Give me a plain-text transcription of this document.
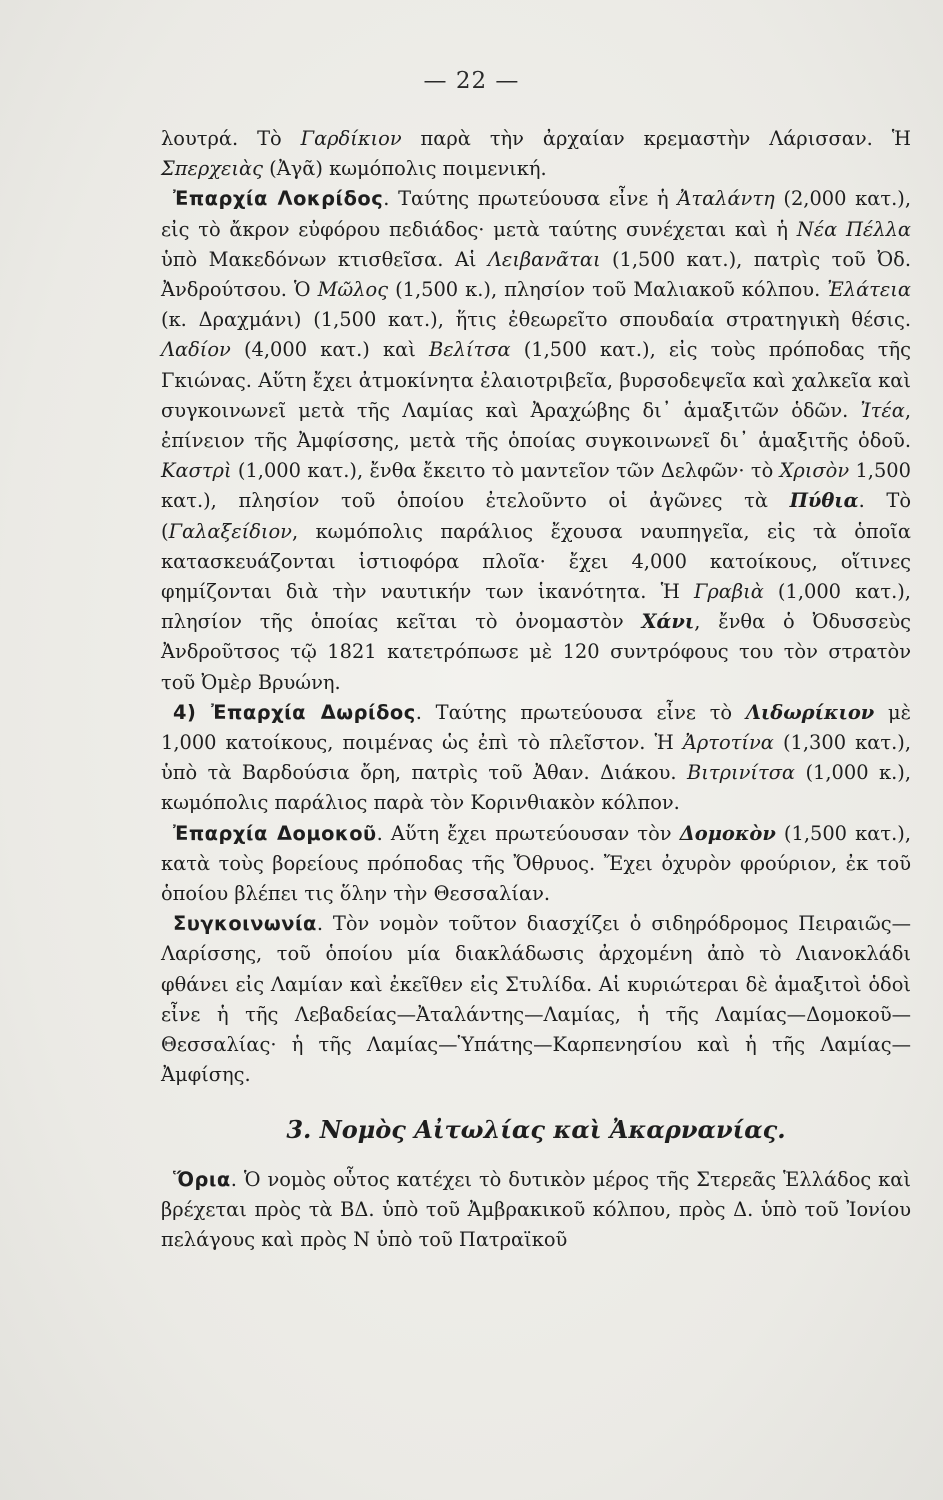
— 22 —

λουτρά. Τὸ Γαρδίκιον παρὰ τὴν ἀρχαίαν κρεμαστὴν Λάρισσαν. Ἡ Σπερχειὰς (Ἀγᾶ) κωμόπολις ποιμενική.

Ἐπαρχία Λοκρίδος. Ταύτης πρωτεύουσα εἶνε ἡ Ἀταλάντη (2,000 κατ.), εἰς τὸ ἄκρον εὐφόρου πεδιάδος· μετὰ ταύτης συνέχεται καὶ ἡ Νέα Πέλλα ὑπὸ Μακεδόνων κτισθεῖσα. Αἱ Λειβανᾶται (1,500 κατ.), πατρὶς τοῦ Ὀδ. Ἀνδρούτσου. Ὁ Μῶλος (1,500 κ.), πλησίον τοῦ Μαλιακοῦ κόλπου. Ἐλάτεια (κ. Δραχμάνι) (1,500 κατ.), ἥτις ἐθεωρεῖτο σπουδαία στρατηγικὴ θέσις. Λαδίον (4,000 κατ.) καὶ Βελίτσα (1,500 κατ.), εἰς τοὺς πρόποδας τῆς Γκιώνας. Αὕτη ἔχει ἀτμοκίνητα ἐλαιοτριβεῖα, βυρσοδεψεῖα καὶ χαλκεῖα καὶ συγκοινωνεῖ μετὰ τῆς Λαμίας καὶ Ἀραχώβης δι᾽ ἁμαξιτῶν ὁδῶν. Ἰτέα, ἐπίνειον τῆς Ἀμφίσσης, μετὰ τῆς ὁποίας συγκοινωνεῖ δι᾽ ἁμαξιτῆς ὁδοῦ. Καστρὶ (1,000 κατ.), ἔνθα ἔκειτο τὸ μαντεῖον τῶν Δελφῶν· τὸ Χρισὸν 1,500 κατ.), πλησίον τοῦ ὁποίου ἐτελοῦντο οἱ ἀγῶνες τὰ Πύθια. Τὸ (Γαλαξείδιον, κωμόπολις παράλιος ἔχουσα ναυπηγεῖα, εἰς τὰ ὁποῖα κατασκευάζονται ἱστιοφόρα πλοῖα· ἔχει 4,000 κατοίκους, οἵτινες φημίζονται διὰ τὴν ναυτικήν των ἱκανότητα. Ἡ Γραβιὰ (1,000 κατ.), πλησίον τῆς ὁποίας κεῖται τὸ ὀνομαστὸν Χάνι, ἔνθα ὁ Ὀδυσσεὺς Ἀνδροῦτσος τῷ 1821 κατετρόπωσε μὲ 120 συντρόφους του τὸν στρατὸν τοῦ Ὀμὲρ Βρυώνη.

4) Ἐπαρχία Δωρίδος. Ταύτης πρωτεύουσα εἶνε τὸ Λιδωρίκιον μὲ 1,000 κατοίκους, ποιμένας ὡς ἐπὶ τὸ πλεῖστον. Ἡ Ἀρτοτίνα (1,300 κατ.), ὑπὸ τὰ Βαρδούσια ὄρη, πατρὶς τοῦ Ἀθαν. Διάκου. Βιτρινίτσα (1,000 κ.), κωμόπολις παράλιος παρὰ τὸν Κορινθιακὸν κόλπον.

Ἐπαρχία Δομοκοῦ. Αὕτη ἔχει πρωτεύουσαν τὸν Δομοκὸν (1,500 κατ.), κατὰ τοὺς βορείους πρόποδας τῆς Ὄθρυος. Ἔχει ὀχυρὸν φρούριον, ἐκ τοῦ ὁποίου βλέπει τις ὅλην τὴν Θεσσαλίαν.

Συγκοινωνία. Τὸν νομὸν τοῦτον διασχίζει ὁ σιδηρόδρομος Πειραιῶς—Λαρίσσης, τοῦ ὁποίου μία διακλάδωσις ἀρχομένη ἀπὸ τὸ Λιανοκλάδι φθάνει εἰς Λαμίαν καὶ ἐκεῖθεν εἰς Στυλίδα. Αἱ κυριώτεραι δὲ ἁμαξιτοὶ ὁδοὶ εἶνε ἡ τῆς Λεβαδείας—Ἀταλάντης—Λαμίας, ἡ τῆς Λαμίας—Δομοκοῦ—Θεσσαλίας· ἡ τῆς Λαμίας—Ὑπάτης—Καρπενησίου καὶ ἡ τῆς Λαμίας—Ἀμφίσης.

3. Νομὸς Αἰτωλίας καὶ Ἀκαρνανίας.

Ὅρια. Ὁ νομὸς οὗτος κατέχει τὸ δυτικὸν μέρος τῆς Στερεᾶς Ἑλλάδος καὶ βρέχεται πρὸς τὰ ΒΔ. ὑπὸ τοῦ Ἀμβρακικοῦ κόλπου, πρὸς Δ. ὑπὸ τοῦ Ἰονίου πελάγους καὶ πρὸς Ν ὑπὸ τοῦ Πατραϊκοῦ
